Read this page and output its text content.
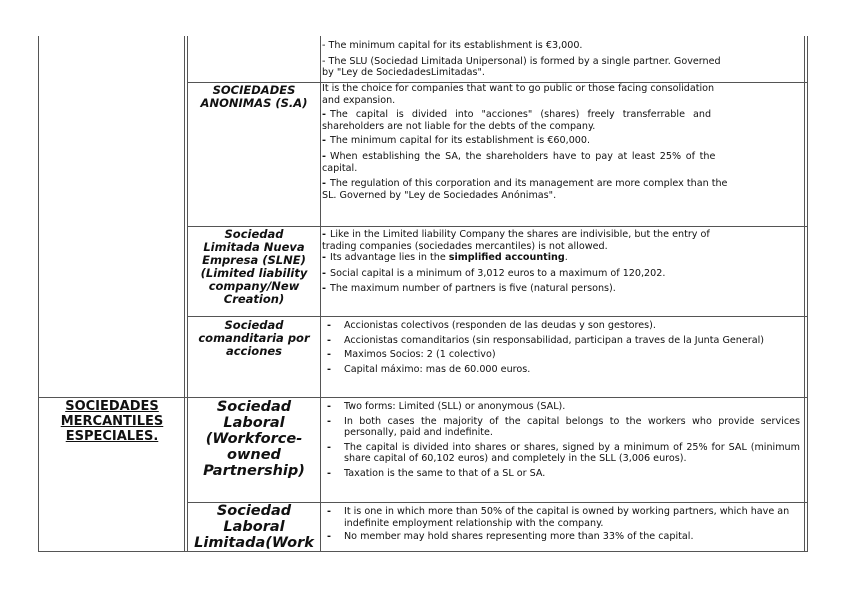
- The minimum capital for its establishment is €3,000.

- The SLU (Sociedad Limitada Unipersonal) is formed by a single partner. Governed

by "Ley de SociedadesLimitadas".

SOCIEDADES
ANONIMAS (S.A)

It is the choice for companies that want to go public or those facing consolidation

and expansion.

- The capital is divided into "acciones" (shares) freely transferrable and

shareholders are not liable for the debts of the company.

- The minimum capital for its establishment is €60,000.

- When establishing the SA, the shareholders have to pay at least 25% of the

capital.

- The regulation of this corporation and its management are more complex than the

SL. Governed by "Ley de Sociedades Anónimas".

Sociedad
Limitada Nueva
Empresa (SLNE)
(Limited liability
company/New
Creation)

- Like in the Limited liability Company the shares are indivisible, but the entry of

trading companies (sociedades mercantiles) is not allowed.

- Its advantage lies in the simplified accounting.

- Social capital is a minimum of 3,012 euros to a maximum of 120,202.

- The maximum number of partners is five (natural persons).

Sociedad
comanditaria por
acciones
- Accionistas colectivos (responden de las deudas y son gestores).
- Accionistas comanditarios (sin responsabilidad, participan a traves de la Junta General)
- Maximos Socios: 2 (1 colectivo)
- Capital máximo: mas de 60.000 euros.
SOCIEDADES
MERCANTILES
ESPECIALES.
Sociedad
Laboral
(Workforce-
owned
Partnership)
- Two forms: Limited (SLL) or anonymous (SAL).
- In both cases the majority of the capital belongs to the workers who provide services personally, paid and indefinite.
- The capital is divided into shares or shares, signed by a minimum of 25% for SAL (minimum share capital of 60,102 euros) and completely in the SLL (3,006 euros).
- Taxation is the same to that of a SL or SA.
Sociedad
Laboral
Limitada(Work
- It is one in which more than 50% of the capital is owned by working partners, which have an indefinite employment relationship with the company.
- No member may hold shares representing more than 33% of the capital.
